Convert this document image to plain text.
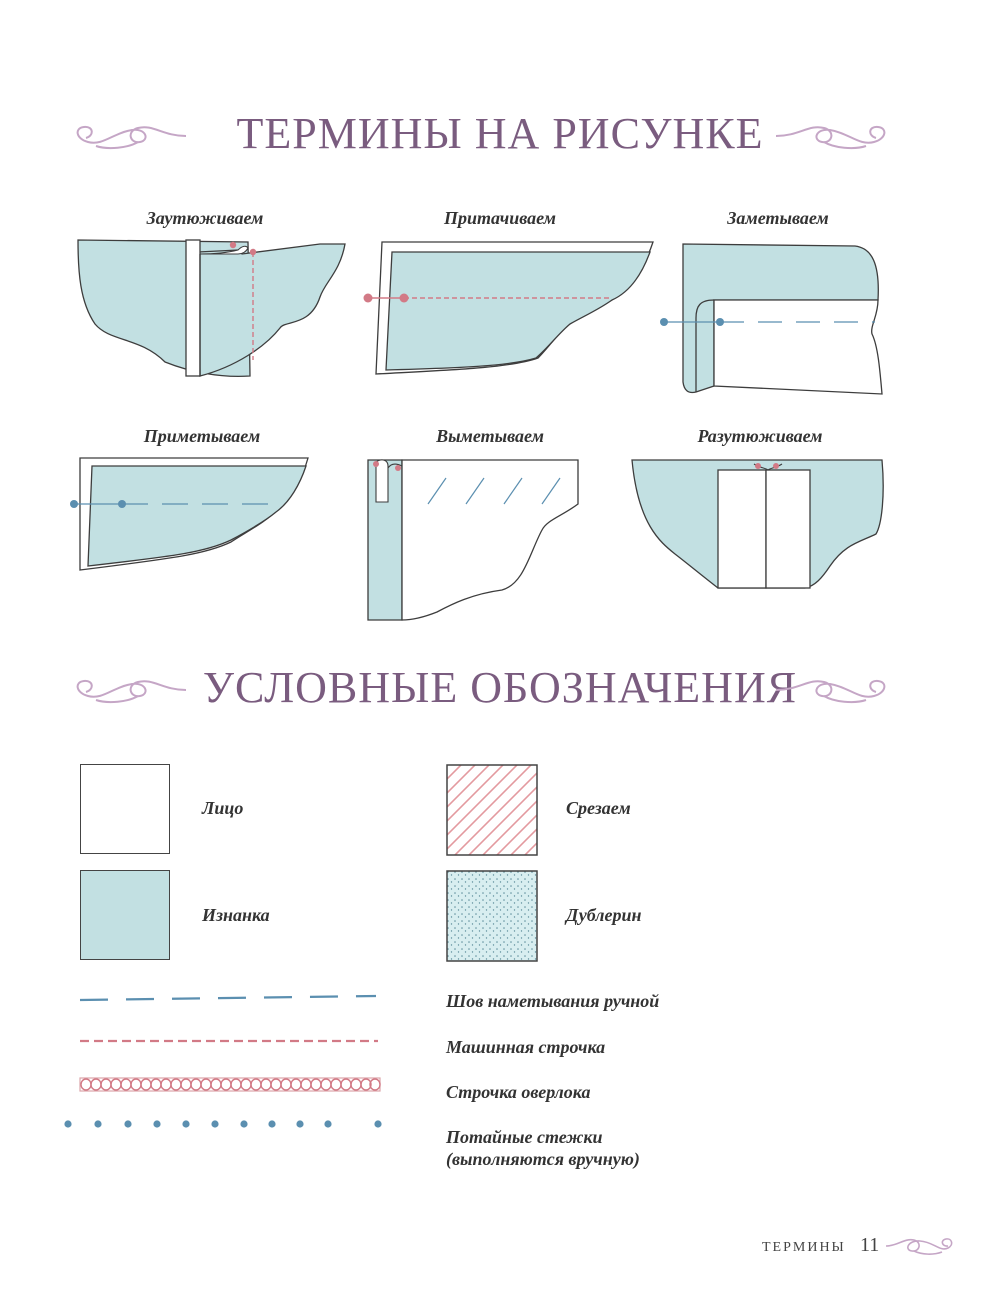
ТЕРМИНЫ НА РИСУНКЕ
Заутюживаем	Притачиваем	Заметываем
Приметываем	Выметываем	Разутюживаем
УСЛОВНЫЕ ОБОЗНАЧЕНИЯ
Лицо
Изнанка
Срезаем
Дублерин
Шов наметывания ручной
Машинная строчка
Строчка оверлока
Потайные стежки
(выполняются вручную)
ТЕРМИНЫ 11
